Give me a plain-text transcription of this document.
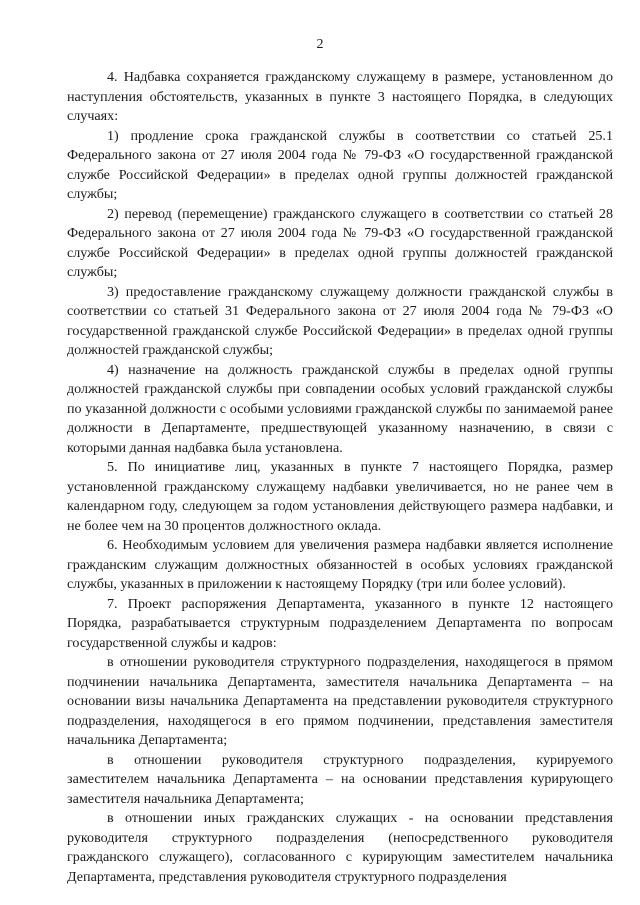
2

4. Надбавка сохраняется гражданскому служащему в размере, установленном до наступления обстоятельств, указанных в пункте 3 настоящего Порядка, в следующих случаях:

1) продление срока гражданской службы в соответствии со статьей 25.1 Федерального закона от 27 июля 2004 года № 79-ФЗ «О государственной гражданской службе Российской Федерации» в пределах одной группы должностей гражданской службы;

2) перевод (перемещение) гражданского служащего в соответствии со статьей 28 Федерального закона от 27 июля 2004 года № 79-ФЗ «О государственной гражданской службе Российской Федерации» в пределах одной группы должностей гражданской службы;

3) предоставление гражданскому служащему должности гражданской службы в соответствии со статьей 31 Федерального закона от 27 июля 2004 года № 79-ФЗ «О государственной гражданской службе Российской Федерации» в пределах одной группы должностей гражданской службы;

4) назначение на должность гражданской службы в пределах одной группы должностей гражданской службы при совпадении особых условий гражданской службы по указанной должности с особыми условиями гражданской службы по занимаемой ранее должности в Департаменте, предшествующей указанному назначению, в связи с которыми данная надбавка была установлена.

5. По инициативе лиц, указанных в пункте 7 настоящего Порядка, размер установленной гражданскому служащему надбавки увеличивается, но не ранее чем в календарном году, следующем за годом установления действующего размера надбавки, и не более чем на 30 процентов должностного оклада.

6. Необходимым условием для увеличения размера надбавки является исполнение гражданским служащим должностных обязанностей в особых условиях гражданской службы, указанных в приложении к настоящему Порядку (три или более условий).

7. Проект распоряжения Департамента, указанного в пункте 12 настоящего Порядка, разрабатывается структурным подразделением Департамента по вопросам государственной службы и кадров:

в отношении руководителя структурного подразделения, находящегося в прямом подчинении начальника Департамента, заместителя начальника Департамента – на основании визы начальника Департамента на представлении руководителя структурного подразделения, находящегося в его прямом подчинении, представления заместителя начальника Департамента;

в отношении руководителя структурного подразделения, курируемого заместителем начальника Департамента – на основании представления курирующего заместителя начальника Департамента;

в отношении иных гражданских служащих - на основании представления руководителя структурного подразделения (непосредственного руководителя гражданского служащего), согласованного с курирующим заместителем начальника Департамента, представления руководителя структурного подразделения
